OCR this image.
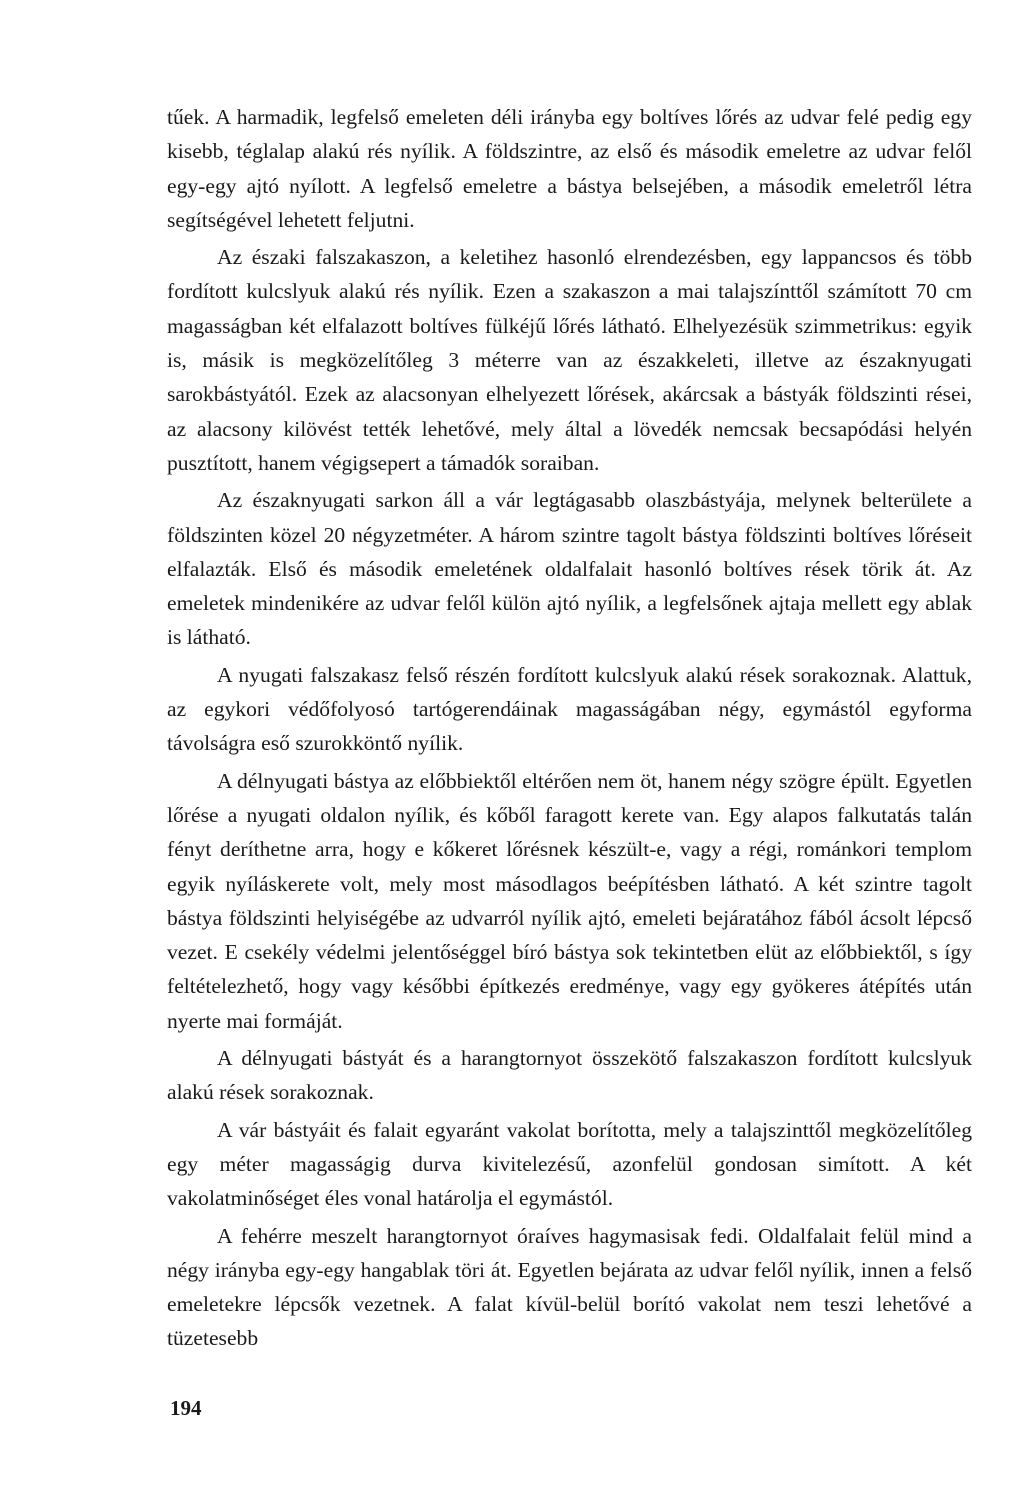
tűek. A harmadik, legfelső emeleten déli irányba egy boltíves lőrés az udvar felé pedig egy kisebb, téglalap alakú rés nyílik. A földszintre, az első és második emeletre az udvar felől egy-egy ajtó nyílott. A legfelső emeletre a bástya belsejében, a második emeletről létra segítségével lehetett feljutni.

Az északi falszakaszon, a keletihez hasonló elrendezésben, egy lappancsos és több fordított kulcslyuk alakú rés nyílik. Ezen a szakaszon a mai talajszínttől számított 70 cm magasságban két elfalazott boltíves fülkéjű lőrés látható. Elhelyezésük szimmetrikus: egyik is, másik is megközelítőleg 3 méterre van az északkeleti, illetve az északnyugati sarokbástyától. Ezek az alacsonyan elhelyezett lőrések, akárcsak a bástyák földszinti rései, az alacsony kilövést tették lehetővé, mely által a lövedék nemcsak becsapódási helyén pusztított, hanem végigsepert a támadók soraiban.

Az északnyugati sarkon áll a vár legtágasabb olaszbástyája, melynek belterülete a földszinten közel 20 négyzetméter. A három szintre tagolt bástya földszinti boltíves lőréseit elfalazták. Első és második emeletének oldalfalait hasonló boltíves rések törik át. Az emeletek mindenikére az udvar felől külön ajtó nyílik, a legfelsőnek ajtaja mellett egy ablak is látható.

A nyugati falszakasz felső részén fordított kulcslyuk alakú rések sorakoznak. Alattuk, az egykori védőfolyosó tartógerendáinak magasságában négy, egymástól egyforma távolságra eső szurokköntő nyílik.

A délnyugati bástya az előbbiektől eltérően nem öt, hanem négy szögre épült. Egyetlen lőrése a nyugati oldalon nyílik, és kőből faragott kerete van. Egy alapos falkutatás talán fényt deríthetne arra, hogy e kőkeret lőrésnek készült-e, vagy a régi, románkori templom egyik nyíláskerete volt, mely most másodlagos beépítésben látható. A két szintre tagolt bástya földszinti helyiségébe az udvarról nyílik ajtó, emeleti bejáratához fából ácsolt lépcső vezet. E csekély védelmi jelentőséggel bíró bástya sok tekintetben elüt az előbbiektől, s így feltételezhető, hogy vagy későbbi építkezés eredménye, vagy egy gyökeres átépítés után nyerte mai formáját.

A délnyugati bástyát és a harangtornyot összekötő falszakaszon fordított kulcslyuk alakú rések sorakoznak.

A vár bástyáit és falait egyaránt vakolat borította, mely a talajszinttől megközelítőleg egy méter magasságig durva kivitelezésű, azonfelül gondosan simított. A két vakolatminőséget éles vonal határolja el egymástól.

A fehérre meszelt harangtornyot óraíves hagymasisak fedi. Oldalfalait felül mind a négy irányba egy-egy hangablak töri át. Egyetlen bejárata az udvar felől nyílik, innen a felső emeletekre lépcsők vezetnek. A falat kívül-belül borító vakolat nem teszi lehetővé a tüzetesebb

194
